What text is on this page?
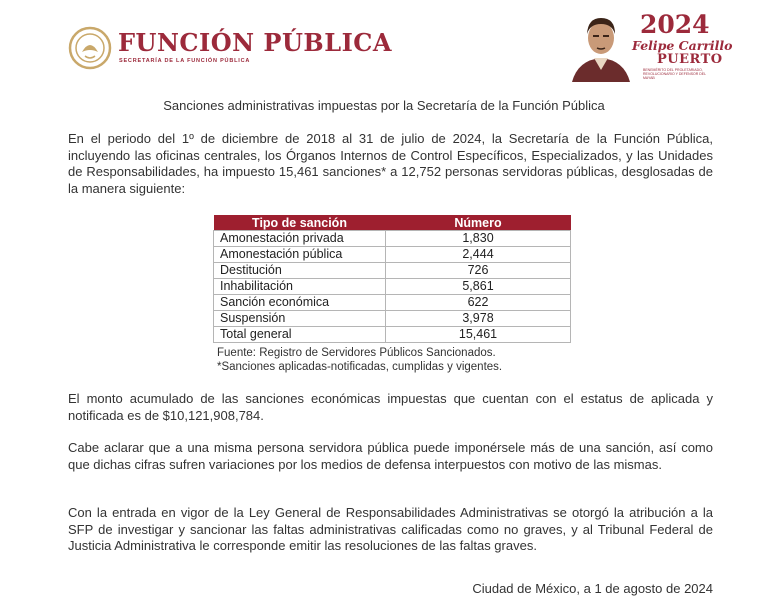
FUNCIÓN PÚBLICA
SECRETARÍA DE LA FUNCIÓN PÚBLICA
2024
Felipe Carrillo
PUERTO
BENEMÉRITO DEL PROLETARIADO, REVOLUCIONARIO Y DEFENSOR DEL MAYAB
Sanciones administrativas impuestas por la Secretaría de la Función Pública
En el periodo del 1º de diciembre de 2018 al 31 de julio de 2024, la Secretaría de la Función Pública, incluyendo las oficinas centrales, los Órganos Internos de Control Específicos, Especializados, y las Unidades de Responsabilidades, ha impuesto 15,461 sanciones* a 12,752 personas servidoras públicas, desglosadas de la manera siguiente:
Tipo de sanción	Número
Amonestación privada	1,830
Amonestación pública	2,444
Destitución	726
Inhabilitación	5,861
Sanción económica	622
Suspensión	3,978
Total general	15,461
Fuente: Registro de Servidores Públicos Sancionados.
*Sanciones aplicadas-notificadas, cumplidas y vigentes.
El monto acumulado de las sanciones económicas impuestas que cuentan con el estatus de aplicada y notificada es de $10,121,908,784.
Cabe aclarar que a una misma persona servidora pública puede imponérsele más de una sanción, así como que dichas cifras sufren variaciones por los medios de defensa interpuestos con motivo de las mismas.
Con la entrada en vigor de la Ley General de Responsabilidades Administrativas se otorgó la atribución a la SFP de investigar y sancionar las faltas administrativas calificadas como no graves, y al Tribunal Federal de Justicia Administrativa le corresponde emitir las resoluciones de las faltas graves.
Ciudad de México, a 1 de agosto de 2024
